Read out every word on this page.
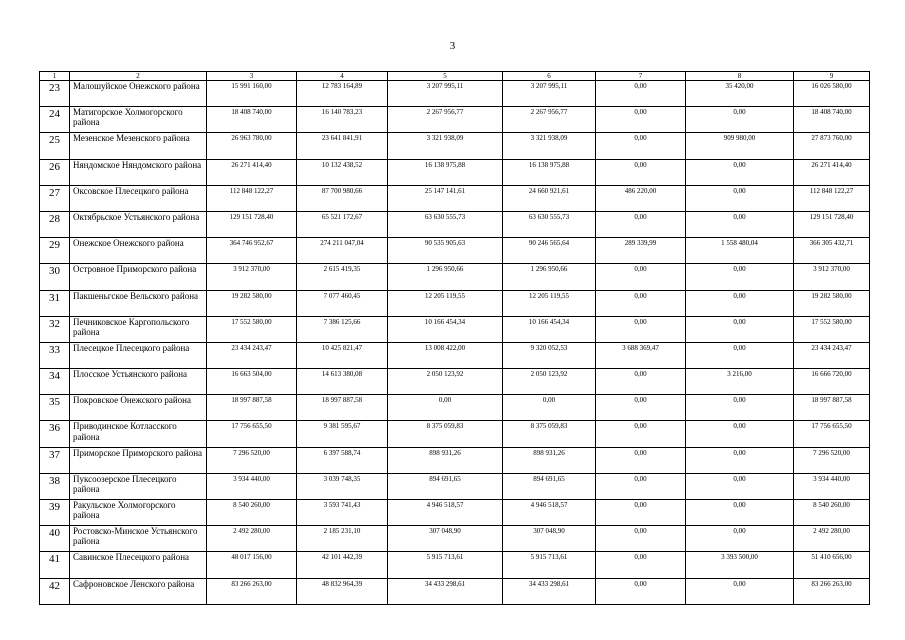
3
1	2	3	4	5	6	7	8	9
23	Малошуйское Онежского района	15 991 160,00	12 783 164,89	3 207 995,11	3 207 995,11	0,00	35 420,00	16 026 580,00
24	Матигорское Холмогорского района	18 408 740,00	16 140 783,23	2 267 956,77	2 267 956,77	0,00	0,00	18 408 740,00
25	Мезенское Мезенского района	26 963 780,00	23 641 841,91	3 321 938,09	3 321 938,09	0,00	909 980,00	27 873 760,00
26	Няндомское Няндомского района	26 271 414,40	10 132 438,52	16 138 975,88	16 138 975,88	0,00	0,00	26 271 414,40
27	Оксовское Плесецкого района	112 848 122,27	87 700 980,66	25 147 141,61	24 660 921,61	486 220,00	0,00	112 848 122,27
28	Октябрьское Устьянского района	129 151 728,40	65 521 172,67	63 630 555,73	63 630 555,73	0,00	0,00	129 151 728,40
29	Онежское Онежского района	364 746 952,67	274 211 047,04	90 535 905,63	90 246 565,64	289 339,99	1 558 480,04	366 305 432,71
30	Островное Приморского района	3 912 370,00	2 615 419,35	1 296 950,66	1 296 950,66	0,00	0,00	3 912 370,00
31	Пакшеньгское Вельского района	19 282 580,00	7 077 460,45	12 205 119,55	12 205 119,55	0,00	0,00	19 282 580,00
32	Печниковское Каргопольского района	17 552 580,00	7 386 125,66	10 166 454,34	10 166 454,34	0,00	0,00	17 552 580,00
33	Плесецкое Плесецкого района	23 434 243,47	10 425 821,47	13 008 422,00	9 320 052,53	3 688 369,47	0,00	23 434 243,47
34	Плосское Устьянского района	16 663 504,00	14 613 380,08	2 050 123,92	2 050 123,92	0,00	3 216,00	16 666 720,00
35	Покровское Онежского района	18 997 887,58	18 997 887,58	0,00	0,00	0,00	0,00	18 997 887,58
36	Приводинское Котласского района	17 756 655,50	9 381 595,67	8 375 059,83	8 375 059,83	0,00	0,00	17 756 655,50
37	Приморское Приморского района	7 296 520,00	6 397 588,74	898 931,26	898 931,26	0,00	0,00	7 296 520,00
38	Пуксоозерское Плесецкого района	3 934 440,00	3 039 748,35	894 691,65	894 691,65	0,00	0,00	3 934 440,00
39	Ракульское Холмогорского района	8 540 260,00	3 593 741,43	4 946 518,57	4 946 518,57	0,00	0,00	8 540 260,00
40	Ростовско-Минское Устьянского района	2 492 280,00	2 185 231,10	307 048,90	307 048,90	0,00	0,00	2 492 280,00
41	Савинское Плесецкого района	48 017 156,00	42 101 442,39	5 915 713,61	5 915 713,61	0,00	3 393 500,00	51 410 656,00
42	Сафроновское Ленского района	83 266 263,00	48 832 964,39	34 433 298,61	34 433 298,61	0,00	0,00	83 266 263,00
